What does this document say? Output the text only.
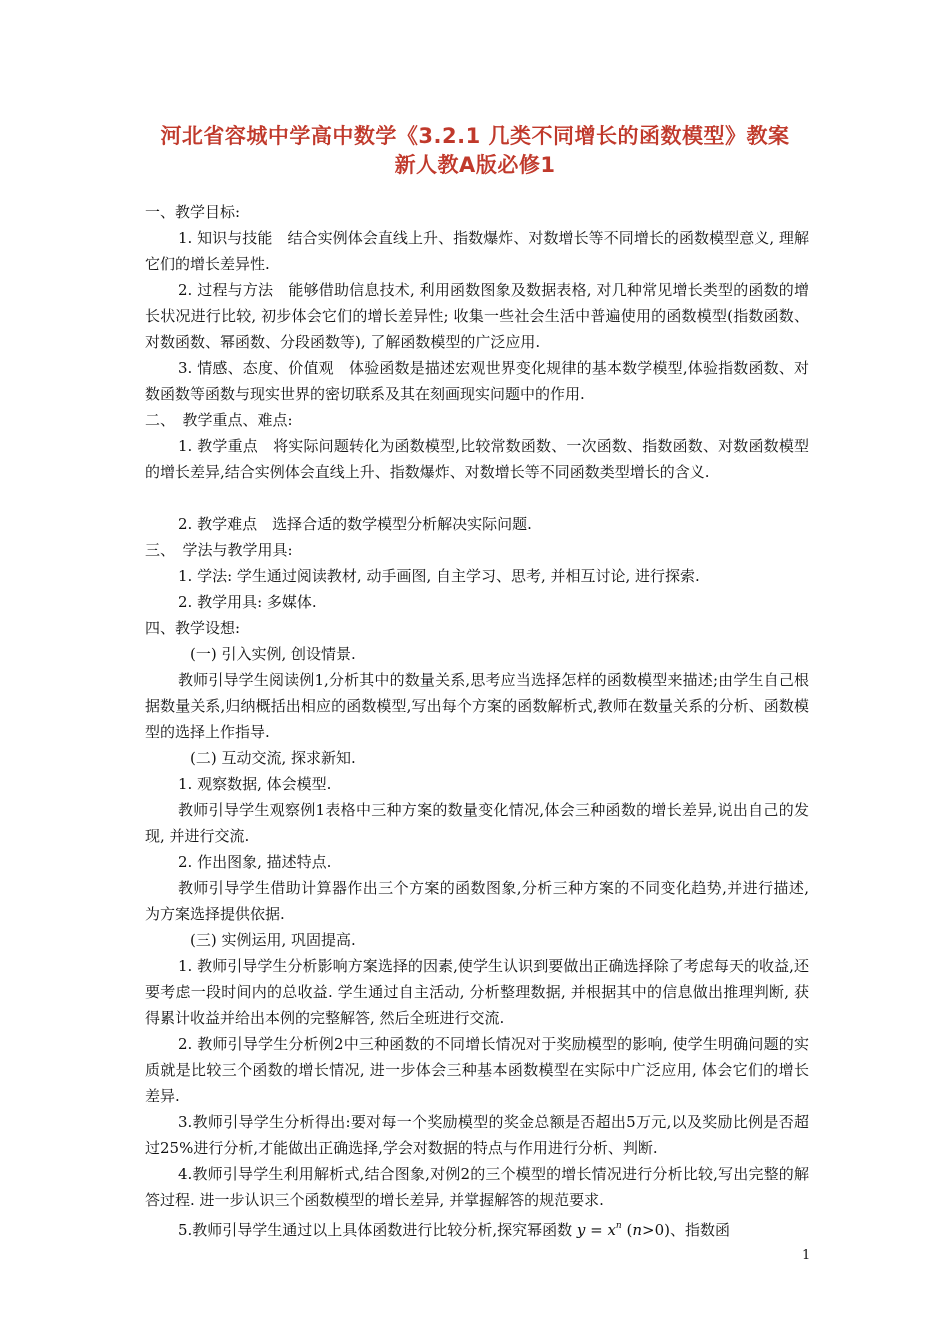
河北省容城中学高中数学《3.2.1 几类不同增长的函数模型》教案
新人教A版必修1
一、教学目标:
1. 知识与技能　结合实例体会直线上升、指数爆炸、对数增长等不同增长的函数模型意义, 理解它们的增长差异性.
2. 过程与方法　能够借助信息技术, 利用函数图象及数据表格, 对几种常见增长类型的函数的增长状况进行比较, 初步体会它们的增长差异性; 收集一些社会生活中普遍使用的函数模型(指数函数、对数函数、幂函数、分段函数等), 了解函数模型的广泛应用.
3. 情感、态度、价值观　体验函数是描述宏观世界变化规律的基本数学模型,体验指数函数、对数函数等函数与现实世界的密切联系及其在刻画现实问题中的作用.
二、　教学重点、难点:
1. 教学重点　将实际问题转化为函数模型,比较常数函数、一次函数、指数函数、对数函数模型的增长差异,结合实例体会直线上升、指数爆炸、对数增长等不同函数类型增长的含义.
2. 教学难点　选择合适的数学模型分析解决实际问题.
三、　学法与教学用具:
1. 学法: 学生通过阅读教材, 动手画图, 自主学习、思考, 并相互讨论, 进行探索.
2. 教学用具: 多媒体.
四、教学设想:
(一) 引入实例, 创设情景.
教师引导学生阅读例1,分析其中的数量关系,思考应当选择怎样的函数模型来描述;由学生自己根据数量关系,归纳概括出相应的函数模型,写出每个方案的函数解析式,教师在数量关系的分析、函数模型的选择上作指导.
(二) 互动交流, 探求新知.
1. 观察数据, 体会模型.
教师引导学生观察例1表格中三种方案的数量变化情况,体会三种函数的增长差异,说出自己的发现, 并进行交流.
2. 作出图象, 描述特点.
教师引导学生借助计算器作出三个方案的函数图象,分析三种方案的不同变化趋势,并进行描述, 为方案选择提供依据.
(三) 实例运用, 巩固提高.
1. 教师引导学生分析影响方案选择的因素,使学生认识到要做出正确选择除了考虑每天的收益,还要考虑一段时间内的总收益. 学生通过自主活动, 分析整理数据, 并根据其中的信息做出推理判断, 获得累计收益并给出本例的完整解答, 然后全班进行交流.
2. 教师引导学生分析例2中三种函数的不同增长情况对于奖励模型的影响, 使学生明确问题的实质就是比较三个函数的增长情况, 进一步体会三种基本函数模型在实际中广泛应用, 体会它们的增长差异.
3.教师引导学生分析得出:要对每一个奖励模型的奖金总额是否超出5万元,以及奖励比例是否超过25%进行分析,才能做出正确选择,学会对数据的特点与作用进行分析、判断.
4.教师引导学生利用解析式,结合图象,对例2的三个模型的增长情况进行分析比较,写出完整的解答过程. 进一步认识三个函数模型的增长差异, 并掌握解答的规范要求.
5.教师引导学生通过以上具体函数进行比较分析,探究幂函数 $y = x^n$ (n>0)、指数函
1
